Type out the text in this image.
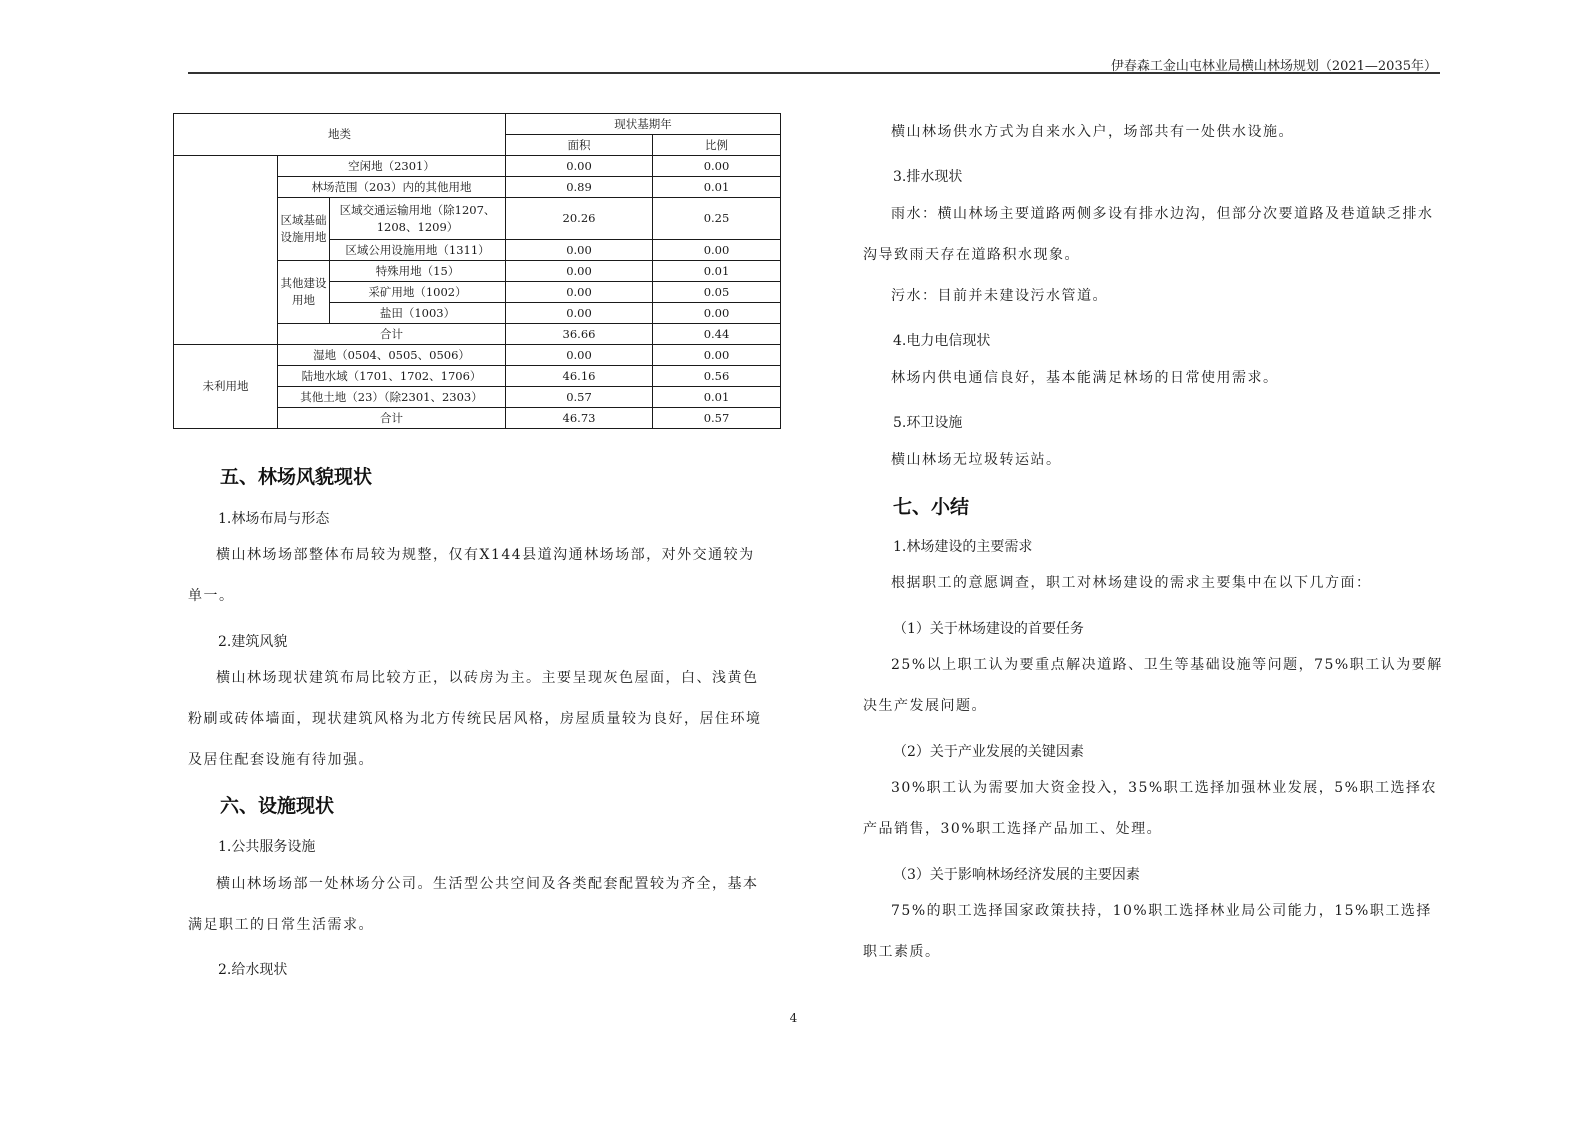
伊春森工金山屯林业局横山林场规划（2021—2035年）
地类			现状基期年	
			面积	比例
	空闲地（2301）		0.00	0.00
	林场范围（203）内的其他用地		0.89	0.01
	区域基础设施用地	区域交通运输用地（除1207、1208、1209）	20.26	0.25
		区域公用设施用地（1311）	0.00	0.00
	其他建设用地	特殊用地（15）	0.00	0.01
		采矿用地（1002）	0.00	0.05
		盐田（1003）	0.00	0.00
	合计		36.66	0.44
未利用地	湿地（0504、0505、0506）		0.00	0.00
	陆地水域（1701、1702、1706）		46.16	0.56
	其他土地（23）（除2301、2303）		0.57	0.01
	合计		46.73	0.57
五、林场风貌现状
1.林场布局与形态
横山林场场部整体布局较为规整，仅有X144县道沟通林场场部，对外交通较为单一。
2.建筑风貌
横山林场现状建筑布局比较方正，以砖房为主。主要呈现灰色屋面，白、浅黄色粉刷或砖体墙面，现状建筑风格为北方传统民居风格，房屋质量较为良好，居住环境及居住配套设施有待加强。
六、设施现状
1.公共服务设施
横山林场场部一处林场分公司。生活型公共空间及各类配套配置较为齐全，基本满足职工的日常生活需求。
2.给水现状
横山林场供水方式为自来水入户，场部共有一处供水设施。
3.排水现状
雨水：横山林场主要道路两侧多设有排水边沟，但部分次要道路及巷道缺乏排水沟导致雨天存在道路积水现象。
污水：目前并未建设污水管道。
4.电力电信现状
林场内供电通信良好，基本能满足林场的日常使用需求。
5.环卫设施
横山林场无垃圾转运站。
七、小结
1.林场建设的主要需求
根据职工的意愿调查，职工对林场建设的需求主要集中在以下几方面：
（1）关于林场建设的首要任务
25%以上职工认为要重点解决道路、卫生等基础设施等问题，75%职工认为要解决生产发展问题。
（2）关于产业发展的关键因素
30%职工认为需要加大资金投入，35%职工选择加强林业发展，5%职工选择农产品销售，30%职工选择产品加工、处理。
（3）关于影响林场经济发展的主要因素
75%的职工选择国家政策扶持，10%职工选择林业局公司能力，15%职工选择职工素质。
4
